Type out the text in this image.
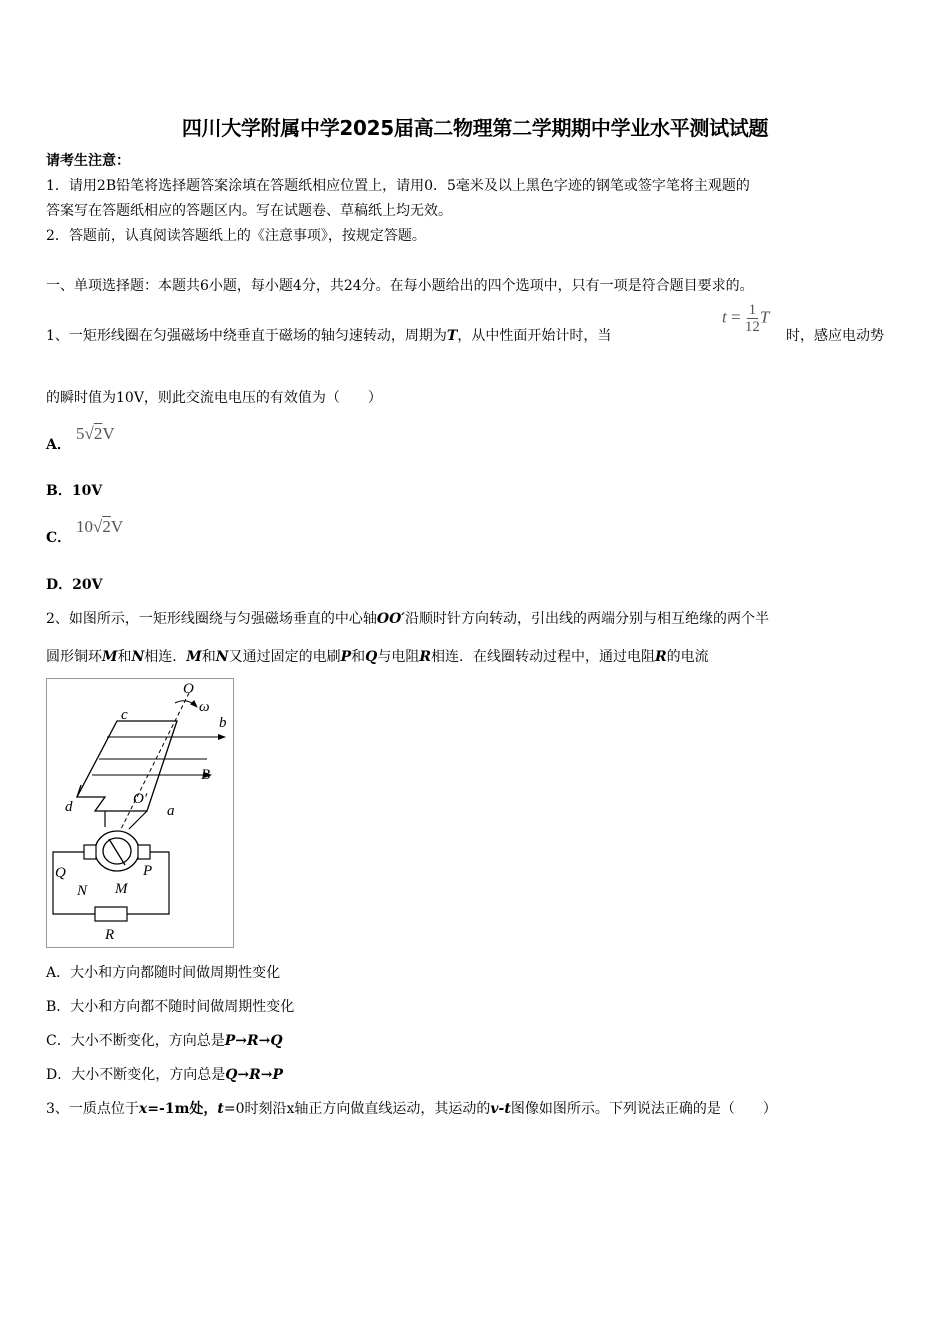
四川大学附属中学2025届高二物理第二学期期中学业水平测试试题
请考生注意：
1．请用2B铅笔将选择题答案涂填在答题纸相应位置上，请用0．5毫米及以上黑色字迹的钢笔或签字笔将主观题的
答案写在答题纸相应的答题区内。写在试题卷、草稿纸上均无效。
2．答题前，认真阅读答题纸上的《注意事项》，按规定答题。
一、单项选择题：本题共6小题，每小题4分，共24分。在每小题给出的四个选项中，只有一项是符合题目要求的。
1、一矩形线圈在匀强磁场中绕垂直于磁场的轴匀速转动，周期为T，从中性面开始计时，当
$t = \frac{1}{12}$ T
时，感应电动势
的瞬时值为10V，则此交流电电压的有效值为（　　）
A．
5√2V
B．10V
C．
10√2V
D．20V
2、如图所示，一矩形线圈绕与匀强磁场垂直的中心轴OO′沿顺时针方向转动，引出线的两端分别与相互绝缘的两个半
圆形铜环M和N相连．M和N又通过固定的电刷P和Q与电阻R相连．在线圈转动过程中，通过电阻R的电流
O
ω
c	b
B
d	O′
a
Q	P
N M
R
A．大小和方向都随时间做周期性变化
B．大小和方向都不随时间做周期性变化
C．大小不断变化，方向总是P→R→Q
D．大小不断变化，方向总是Q→R→P
3、一质点位于x=-1m处，t=0时刻沿x轴正方向做直线运动，其运动的v-t图像如图所示。下列说法正确的是（　　）
